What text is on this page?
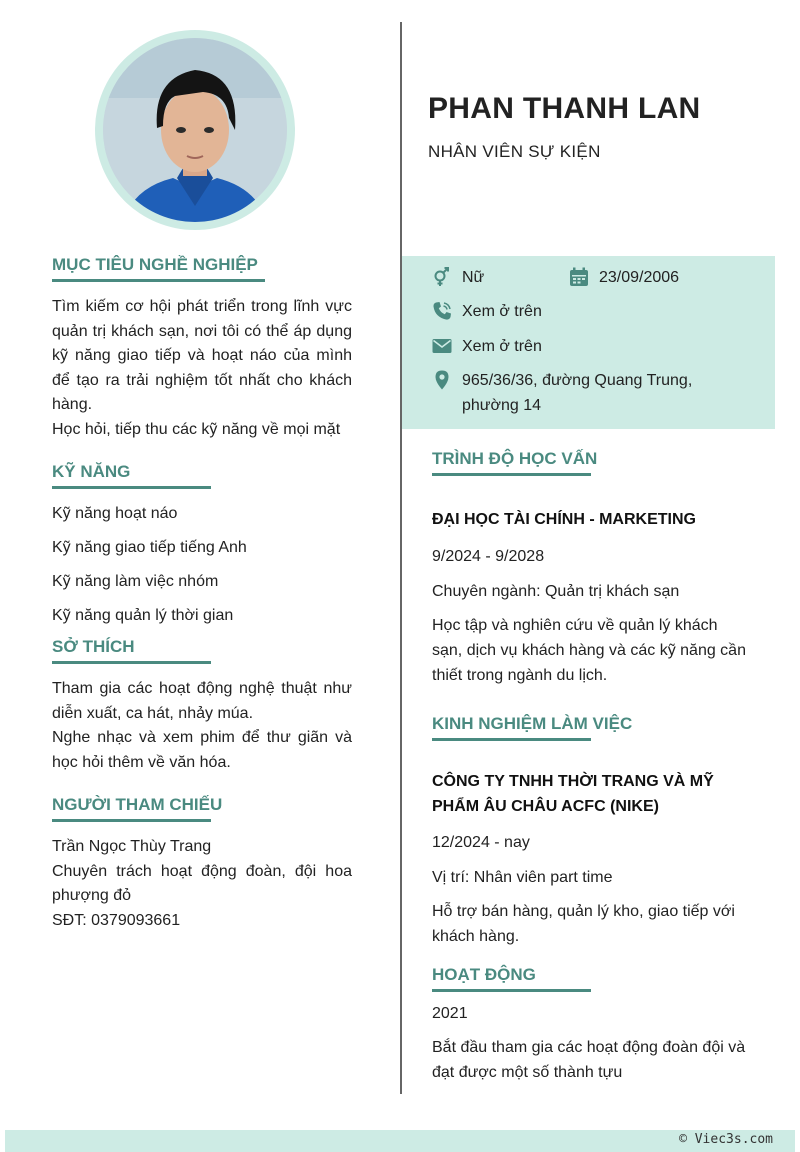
PHAN THANH LAN
NHÂN VIÊN SỰ KIỆN
MỤC TIÊU NGHỀ NGHIỆP
Tìm kiếm cơ hội phát triển trong lĩnh vực quản trị khách sạn, nơi tôi có thể áp dụng kỹ năng giao tiếp và hoạt náo của mình để tạo ra trải nghiệm tốt nhất cho khách hàng.
Học hỏi, tiếp thu các kỹ năng về mọi mặt
KỸ NĂNG
Kỹ năng hoạt náo
Kỹ năng giao tiếp tiếng Anh
Kỹ năng làm việc nhóm
Kỹ năng quản lý thời gian
SỞ THÍCH
Tham gia các hoạt động nghệ thuật như diễn xuất, ca hát, nhảy múa.
Nghe nhạc và xem phim để thư giãn và học hỏi thêm về văn hóa.
NGƯỜI THAM CHIẾU
Trần Ngọc Thùy Trang
Chuyên trách hoạt động đoàn, đội hoa phượng đỏ
SĐT: 0379093661
Nữ	23/09/2006
Xem ở trên
Xem ở trên
965/36/36, đường Quang Trung,
phường 14
TRÌNH ĐỘ HỌC VẤN
ĐẠI HỌC TÀI CHÍNH - MARKETING
9/2024 - 9/2028
Chuyên ngành: Quản trị khách sạn
Học tập và nghiên cứu về quản lý khách sạn, dịch vụ khách hàng và các kỹ năng cần thiết trong ngành du lịch.
KINH NGHIỆM LÀM VIỆC
CÔNG TY TNHH THỜI TRANG VÀ MỸ PHẨM ÂU CHÂU ACFC (NIKE)
12/2024 - nay
Vị trí: Nhân viên part time
Hỗ trợ bán hàng, quản lý kho, giao tiếp với khách hàng.
HOẠT ĐỘNG
2021
Bắt đầu tham gia các hoạt động đoàn đội và đạt được một số thành tựu
© Viec3s.com
